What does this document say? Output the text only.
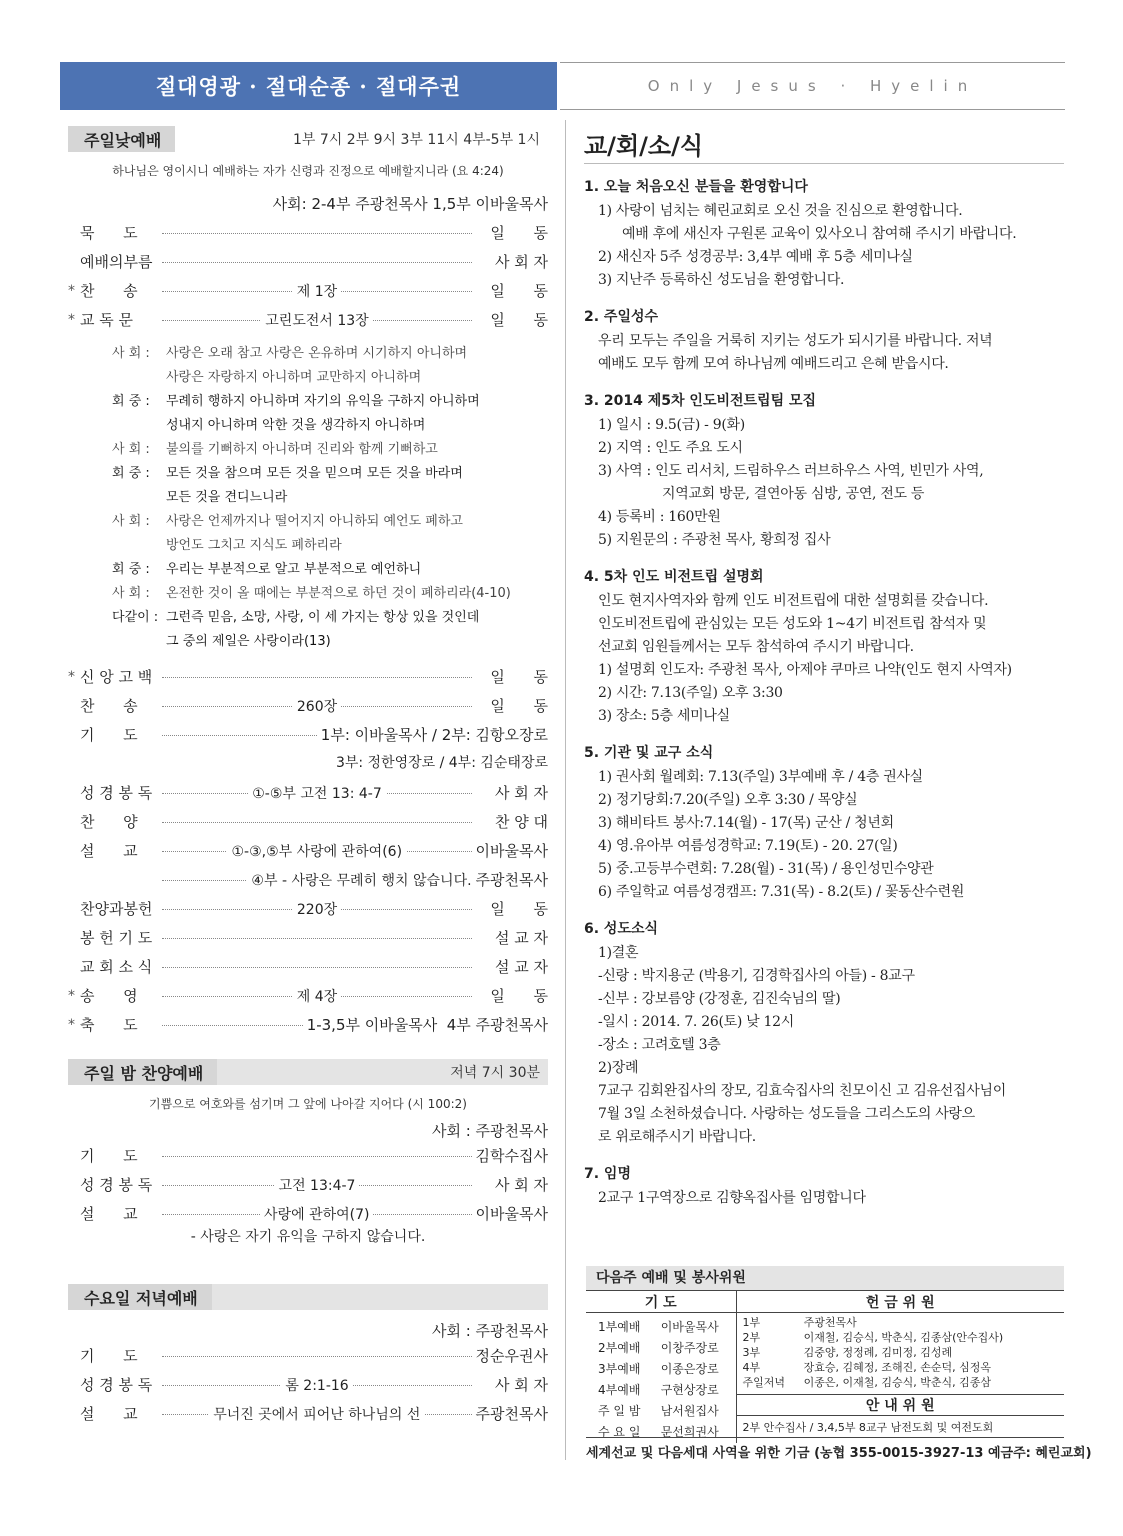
절대영광 · 절대순종 · 절대주권	Only Jesus · Hyelin
주일낮예배	1부 7시 2부 9시 3부 11시 4부-5부 1시
하나님은 영이시니 예배하는 자가 신령과 진정으로 예배할지니라 (요 4:24)
사회: 2-4부 주광천목사 1,5부 이바울목사
묵      도	일      동
예배의부름	사 회 자
* 찬      송	제 1장	일      동
* 교 독 문	고린도전서 13장	일      동
사 회 :	사랑은 오래 참고 사랑은 온유하며 시기하지 아니하며
사랑은 자랑하지 아니하며 교만하지 아니하며
회 중 :	무례히 행하지 아니하며 자기의 유익을 구하지 아니하며
성내지 아니하며 악한 것을 생각하지 아니하며
사 회 :	불의를 기뻐하지 아니하며 진리와 함께 기뻐하고
회 중 :	모든 것을 참으며 모든 것을 믿으며 모든 것을 바라며
모든 것을 견디느니라
사 회 :	사랑은 언제까지나 떨어지지 아니하되 예언도 폐하고
방언도 그치고 지식도 폐하리라
회 중 :	우리는 부분적으로 알고 부분적으로 예언하니
사 회 :	온전한 것이 올 때에는 부분적으로 하던 것이 폐하리라(4-10)
다같이 : 그런즉 믿음, 소망, 사랑, 이 세 가지는 항상 있을 것인데
그 중의 제일은 사랑이라(13)
* 신 앙 고 백	일      동
찬      송	260장	일      동
기      도	1부: 이바울목사 / 2부: 김항오장로
3부: 정한영장로 / 4부: 김순태장로
성 경 봉 독	①-⑤부 고전 13: 4-7	사 회 자
찬      양	찬 양 대
설      교	①-③,⑤부 사랑에 관하여(6)	이바울목사
④부 - 사랑은 무례히 행치 않습니다. 주광천목사
찬양과봉헌	220장	일      동
봉 헌 기 도	설 교 자
교 회 소 식	설 교 자
* 송      영	제 4장	일      동
* 축      도	1-3,5부 이바울목사  4부 주광천목사
주일 밤 찬양예배	저녁 7시 30분
기쁨으로 여호와를 섬기며 그 앞에 나아갈 지어다 (시 100:2)
사회 : 주광천목사
기      도	김학수집사
성 경 봉 독	고전 13:4-7	사 회 자
설      교	사랑에 관하여(7)	이바울목사
- 사랑은 자기 유익을 구하지 않습니다.
수요일 저녁예배
사회 : 주광천목사
기      도	정순우권사
성 경 봉 독	롬 2:1-16	사 회 자
설      교	무너진 곳에서 피어난 하나님의 선	주광천목사
교/회/소/식
1. 오늘 처음오신 분들을 환영합니다
1) 사랑이 넘치는 혜린교회로 오신 것을 진심으로 환영합니다.
예배 후에 새신자 구원론 교육이 있사오니 참여해 주시기 바랍니다.
2) 새신자 5주 성경공부: 3,4부 예배 후 5층 세미나실
3) 지난주 등록하신 성도님을 환영합니다.
2. 주일성수
우리 모두는 주일을 거룩히 지키는 성도가 되시기를 바랍니다. 저녁
예배도 모두 함께 모여 하나님께 예배드리고 은혜 받읍시다.
3. 2014 제5차 인도비전트립팀 모집
1) 일시 : 9.5(금) - 9(화)
2) 지역 : 인도 주요 도시
3) 사역 : 인도 리서치, 드림하우스 러브하우스 사역, 빈민가 사역,
지역교회 방문, 결연아동 심방, 공연, 전도 등
4) 등록비 : 160만원
5) 지원문의 : 주광천 목사, 황희정 집사
4. 5차 인도 비전트립 설명회
인도 현지사역자와 함께 인도 비전트립에 대한 설명회를 갖습니다.
인도비전트립에 관심있는 모든 성도와 1~4기 비전트립 참석자 및
선교회 임원들께서는 모두 참석하여 주시기 바랍니다.
1) 설명회 인도자: 주광천 목사, 아제야 쿠마르 나약(인도 현지 사역자)
2) 시간: 7.13(주일) 오후 3:30
3) 장소: 5층 세미나실
5. 기관 및 교구 소식
1) 권사회 월례회: 7.13(주일) 3부예배 후 / 4층 권사실
2) 정기당회:7.20(주일) 오후 3:30 / 목양실
3) 해비타트 봉사:7.14(월) - 17(목) 군산 / 청년회
4) 영.유아부 여름성경학교: 7.19(토) - 20. 27(일)
5) 중.고등부수련회: 7.28(월) - 31(목) / 용인성민수양관
6) 주일학교 여름성경캠프: 7.31(목) - 8.2(토) / 꽃동산수련원
6. 성도소식
1)결혼
-신랑 : 박지용군 (박용기, 김경학집사의 아들) - 8교구
-신부 : 강보름양 (강정훈, 김진숙님의 딸)
-일시 : 2014. 7. 26(토) 낮 12시
-장소 : 고려호텔 3층
2)장례
7교구 김회완집사의 장모, 김효숙집사의 친모이신 고 김유선집사님이
7월 3일 소천하셨습니다. 사랑하는 성도들을 그리스도의 사랑으
로 위로해주시기 바랍니다.
7. 임명
2교구 1구역장으로 김향옥집사를 임명합니다
다음주 예배 및 봉사위원
기 도	헌 금 위 원

1부예배	이바울목사
2부예배	이창주장로
3부예배	이종은장로
4부예배	구현상장로
주 일 밤	남서원집사
수 요 일	문선희권사

1부	주광천목사
2부	이재철, 김승식, 박춘식, 김종삼(안수집사)
3부	김중양, 정정례, 김미정, 김성례
4부	장효승, 김혜정, 조해진, 손순덕, 심정옥
주일저녁	이종은, 이재철, 김승식, 박춘식, 김종삼
안 내 위 원
2부 안수집사 / 3,4,5부 8교구 남전도회 및 여전도회
세계선교 및 다음세대 사역을 위한 기금 (농협 355-0015-3927-13 예금주: 혜린교회)
